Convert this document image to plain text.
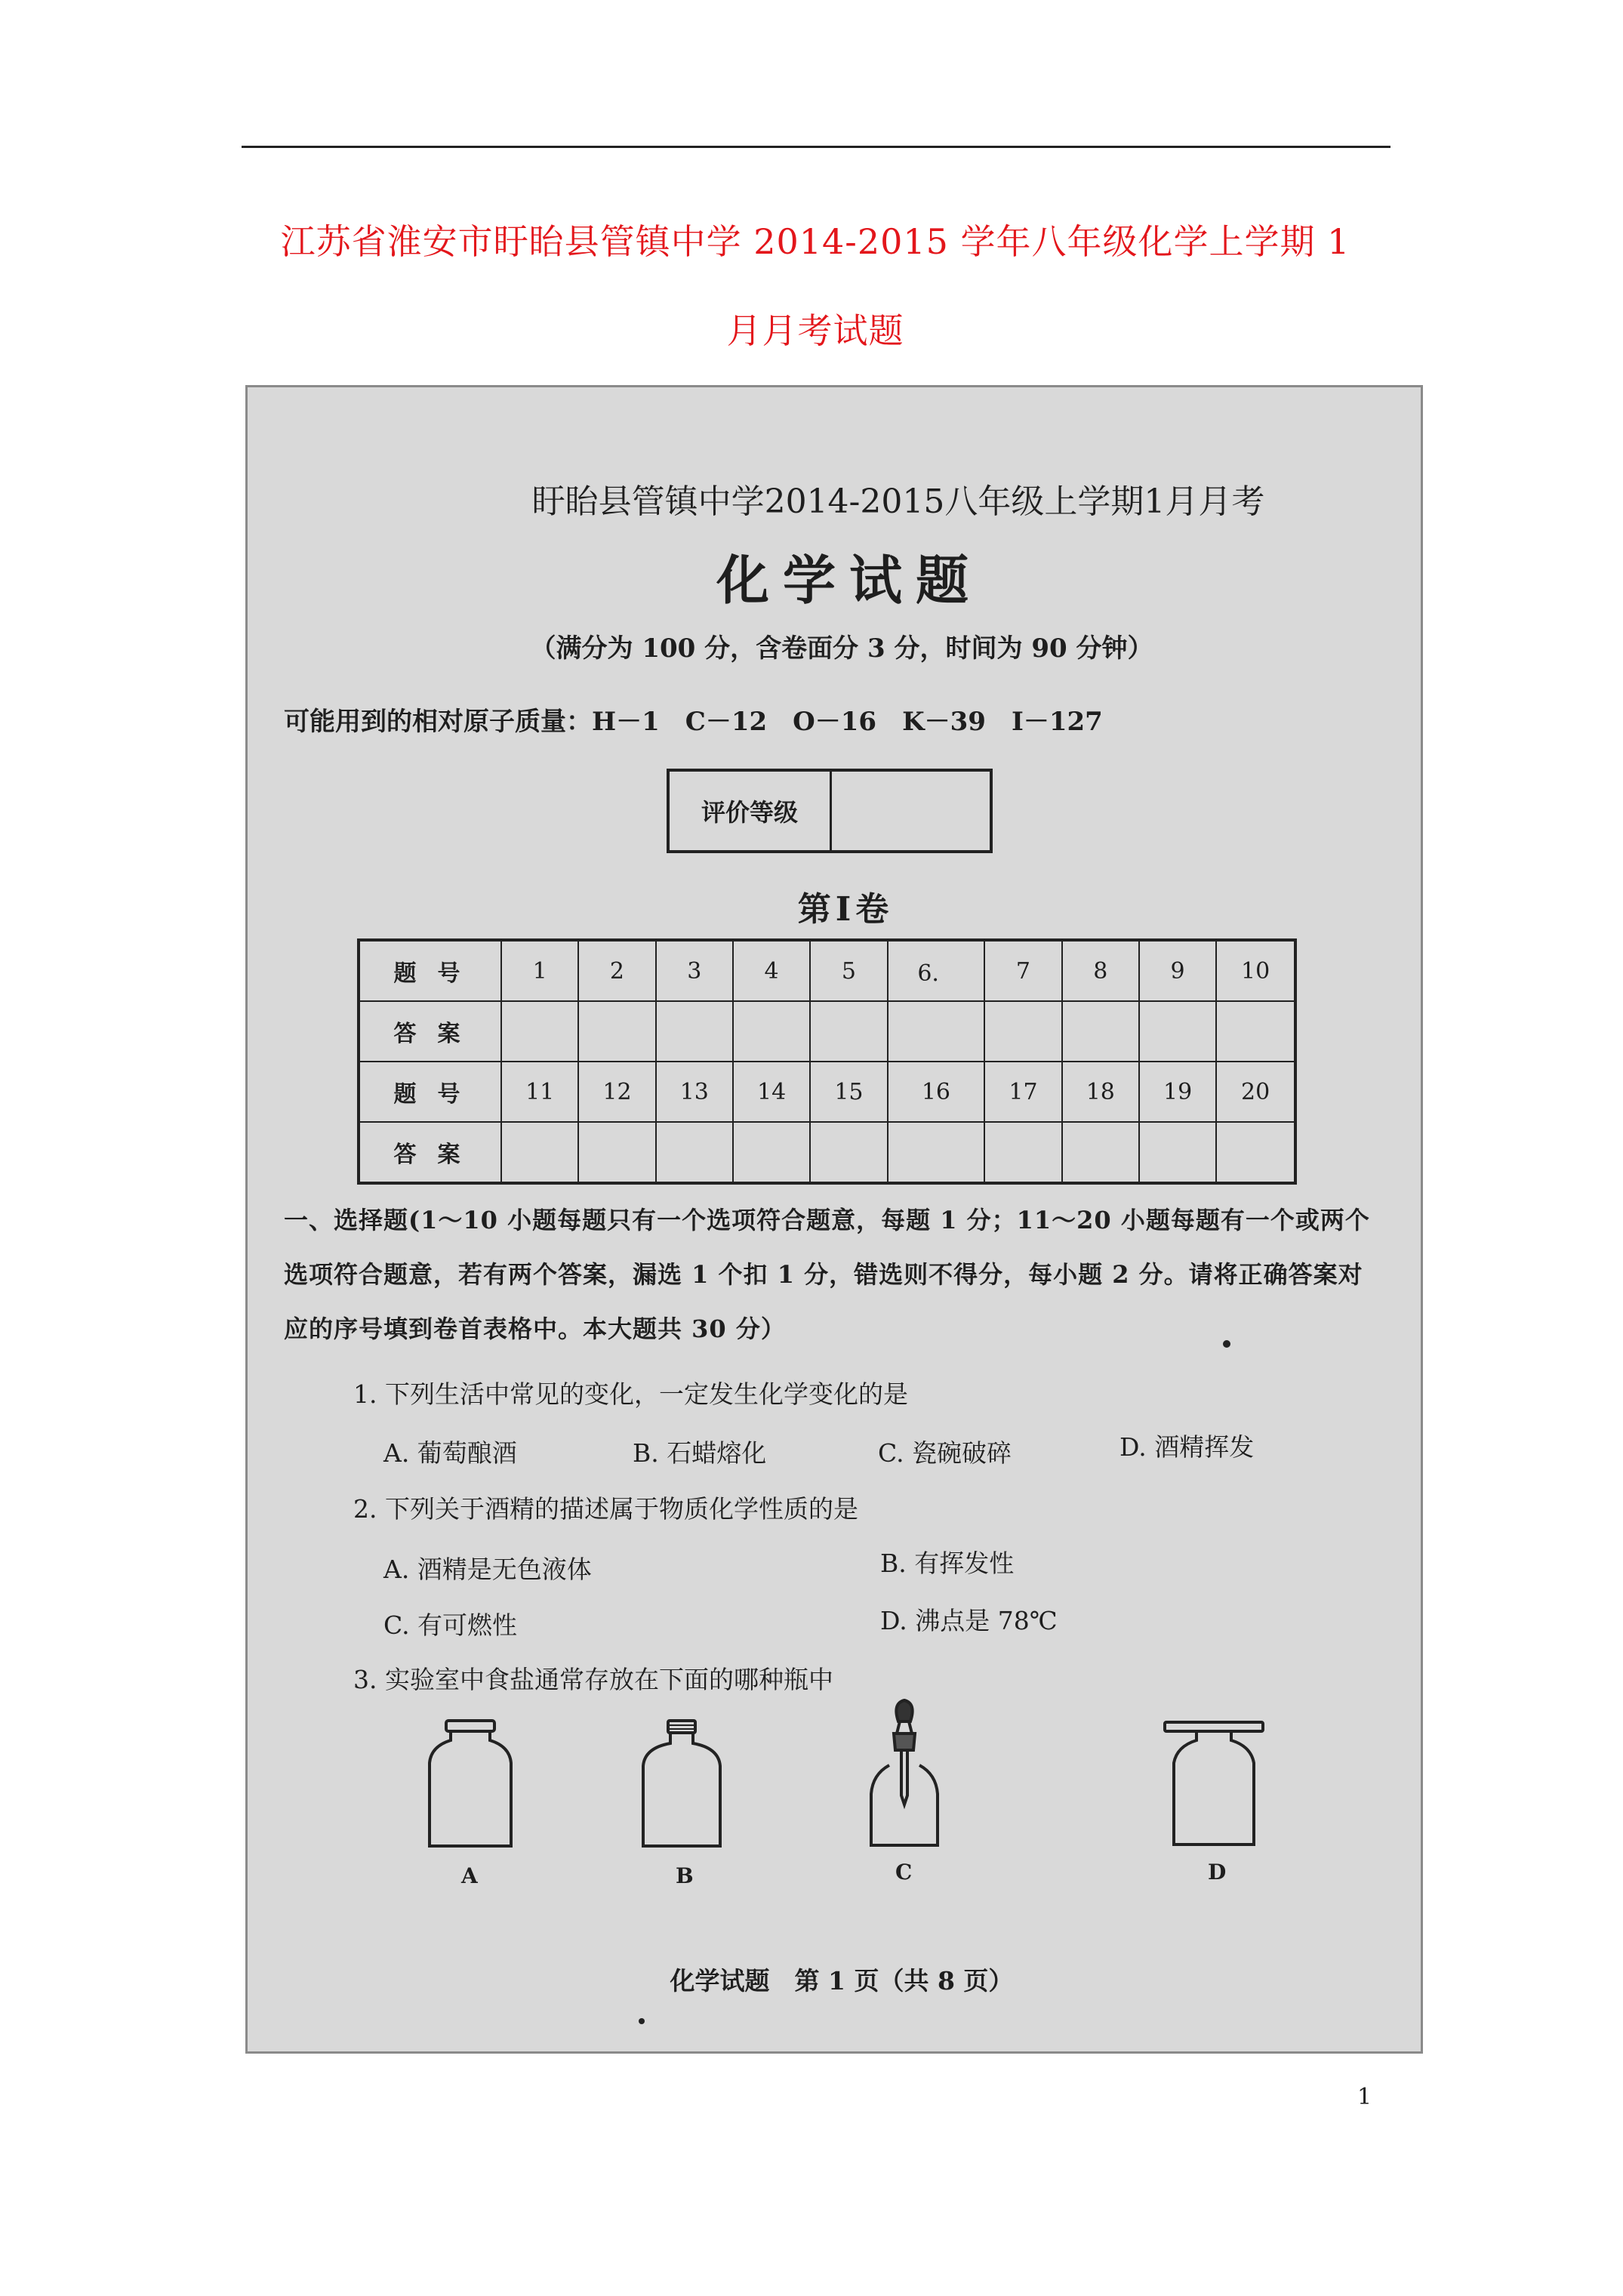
江苏省淮安市盱眙县管镇中学 2014-2015 学年八年级化学上学期 1
月月考试题
盱眙县管镇中学2014-2015八年级上学期1月月考
化学试题
（满分为 100 分，含卷面分 3 分，时间为 90 分钟）
可能用到的相对原子质量：H－1　C－12　O－16　K－39　I－127
评价等级
第Ⅰ卷
题号	1	2	3	4	5	6．	7	8	9	10
答案										
题号	11	12	13	14	15	16	17	18	19	20
答案										
一、选择题(1～10 小题每题只有一个选项符合题意，每题 1 分；11～20 小题每题有一个或两个
选项符合题意，若有两个答案，漏选 1 个扣 1 分，错选则不得分，每小题 2 分。请将正确答案对
应的序号填到卷首表格中。本大题共 30 分）
1. 下列生活中常见的变化，一定发生化学变化的是
A. 葡萄酿酒	B. 石蜡熔化	C. 瓷碗破碎	D. 酒精挥发
2. 下列关于酒精的描述属于物质化学性质的是
A. 酒精是无色液体	B. 有挥发性
C. 有可燃性	D. 沸点是 78℃
3. 实验室中食盐通常存放在下面的哪种瓶中
A	B	C	D
化学试题　第 1 页（共 8 页）
1
